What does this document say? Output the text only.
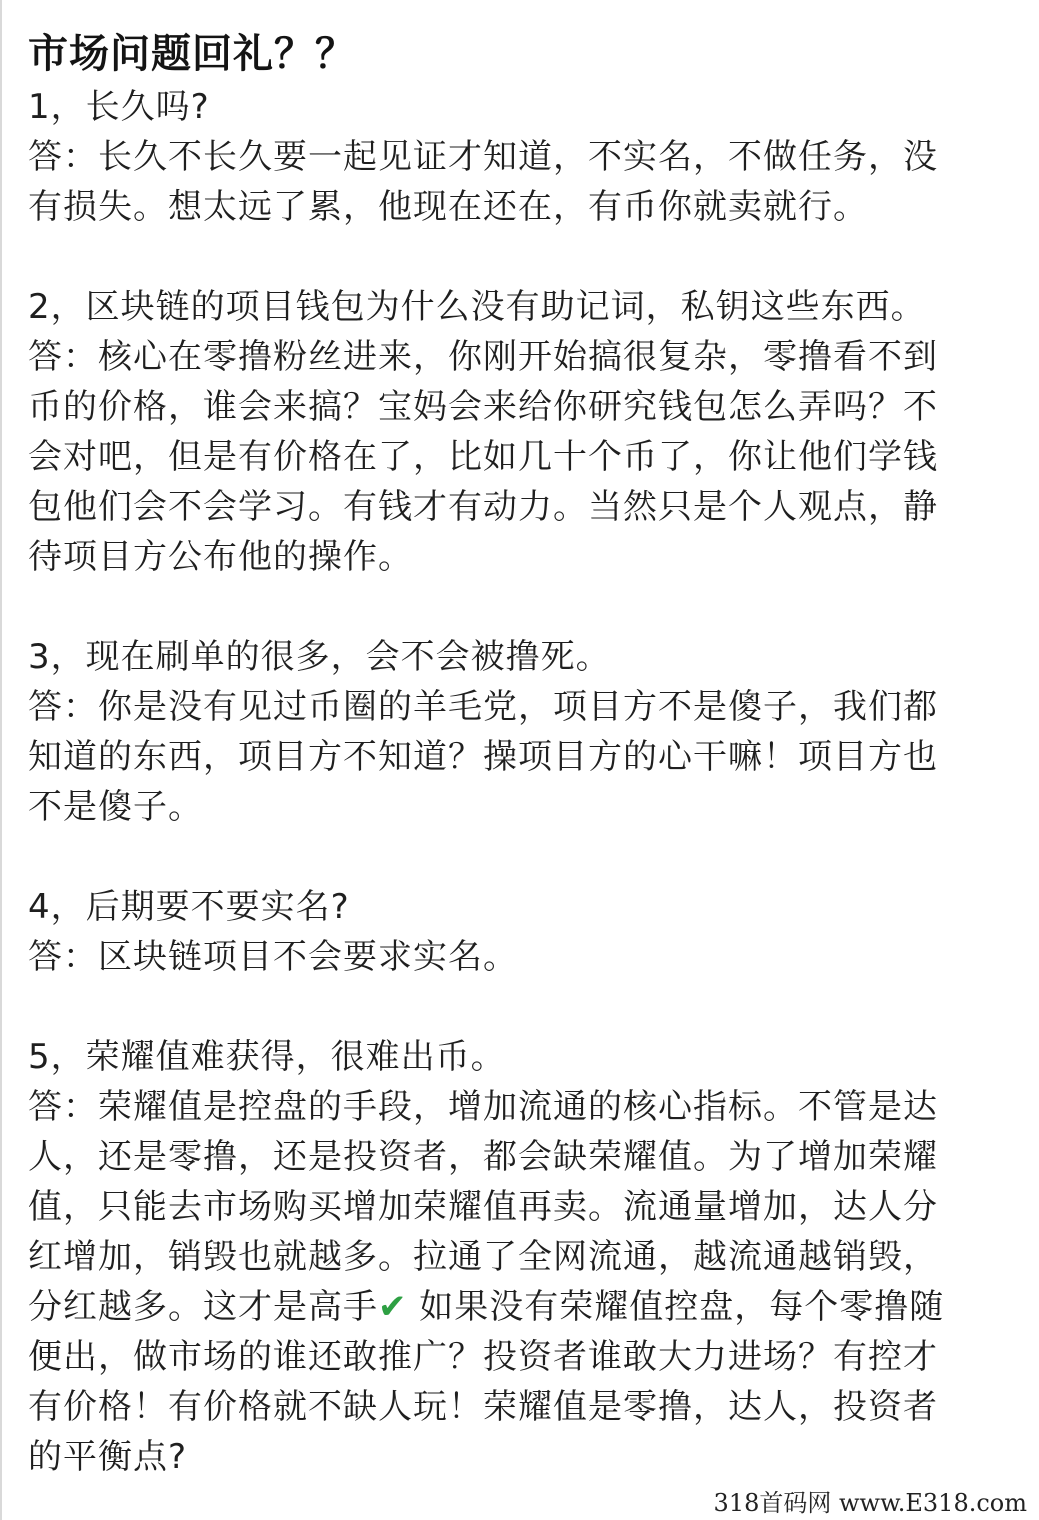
市场问题回礼？？
1，长久吗?
答：长久不长久要一起见证才知道，不实名，不做任务，没
有损失。想太远了累，他现在还在，有币你就卖就行。
2，区块链的项目钱包为什么没有助记词，私钥这些东西。
答：核心在零撸粉丝进来，你刚开始搞很复杂，零撸看不到
币的价格，谁会来搞？宝妈会来给你研究钱包怎么弄吗？不
会对吧，但是有价格在了，比如几十个币了，你让他们学钱
包他们会不会学习。有钱才有动力。当然只是个人观点，静
待项目方公布他的操作。
3，现在刷单的很多，会不会被撸死。
答：你是没有见过币圈的羊毛党，项目方不是傻子，我们都
知道的东西，项目方不知道？操项目方的心干嘛！项目方也
不是傻子。
4，后期要不要实名?
答：区块链项目不会要求实名。
5，荣耀值难获得，很难出币。
答：荣耀值是控盘的手段，增加流通的核心指标。不管是达
人，还是零撸，还是投资者，都会缺荣耀值。为了增加荣耀
值，只能去市场购买增加荣耀值再卖。流通量增加，达人分
红增加，销毁也就越多。拉通了全网流通，越流通越销毁，
分红越多。这才是高手✔ 如果没有荣耀值控盘，每个零撸随
便出，做市场的谁还敢推广？投资者谁敢大力进场？有控才
有价格！有价格就不缺人玩！荣耀值是零撸，达人，投资者
的平衡点?
318首码网 www.E318.com
